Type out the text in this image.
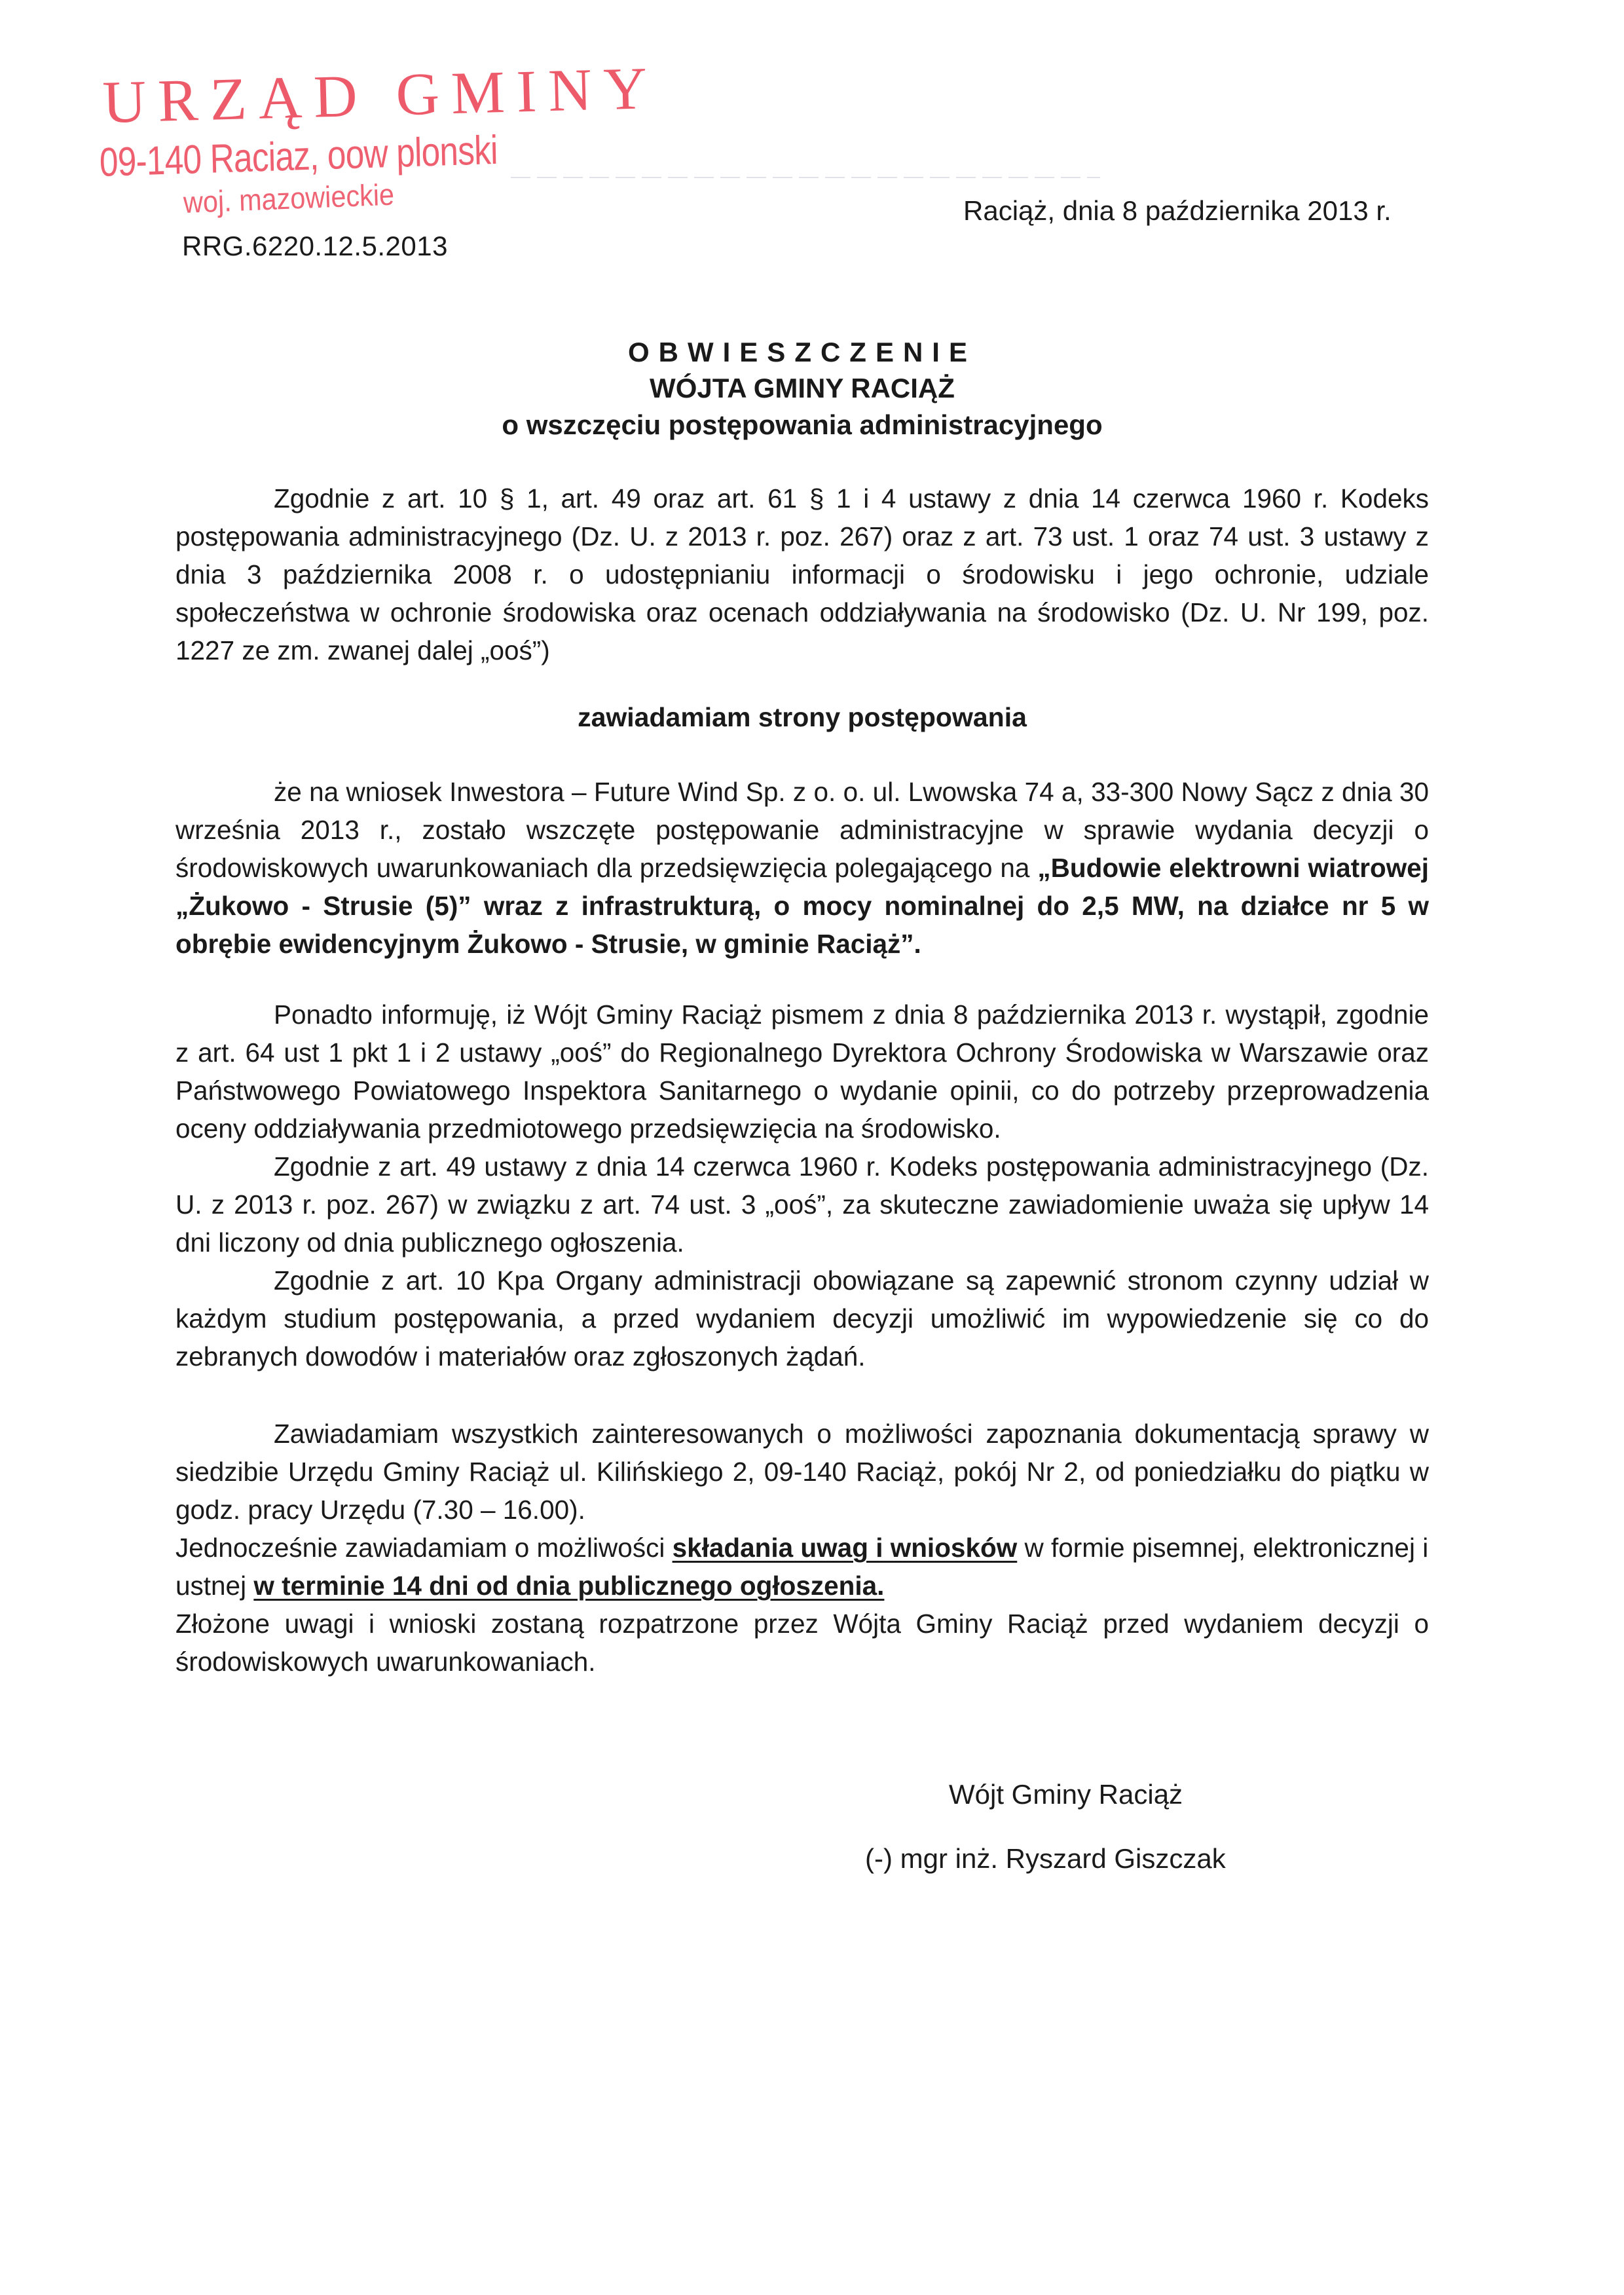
URZĄD GMINY
09-140 Raciaz, oow plonski
woj. mazowieckie
RRG.6220.12.5.2013
Raciąż, dnia 8 października 2013 r.
OBWIESZCZENIE
WÓJTA GMINY RACIĄŻ
o wszczęciu postępowania administracyjnego

Zgodnie z art. 10 § 1, art. 49 oraz art. 61 § 1 i 4 ustawy z dnia 14 czerwca 1960 r. Kodeks postępowania administracyjnego (Dz. U. z 2013 r. poz. 267) oraz z art. 73 ust. 1 oraz 74 ust. 3 ustawy z dnia 3 października 2008 r. o udostępnianiu informacji o środowisku i jego ochronie, udziale społeczeństwa w ochronie środowiska oraz ocenach oddziaływania na środowisko (Dz. U. Nr 199, poz. 1227 ze zm. zwanej dalej „ooś”)

zawiadamiam strony postępowania

że na wniosek Inwestora – Future Wind Sp. z o. o. ul. Lwowska 74 a, 33-300 Nowy Sącz z dnia 30 września 2013 r., zostało wszczęte postępowanie administracyjne w sprawie wydania decyzji o środowiskowych uwarunkowaniach dla przedsięwzięcia polegającego na „Budowie elektrowni wiatrowej „Żukowo - Strusie (5)” wraz z infrastrukturą, o mocy nominalnej do 2,5 MW, na działce nr 5 w obrębie ewidencyjnym Żukowo - Strusie, w gminie Raciąż”.

Ponadto informuję, iż Wójt Gminy Raciąż pismem z dnia 8 października 2013 r. wystąpił, zgodnie z art. 64 ust 1 pkt 1 i 2 ustawy „ooś” do Regionalnego Dyrektora Ochrony Środowiska w Warszawie oraz Państwowego Powiatowego Inspektora Sanitarnego o wydanie opinii, co do potrzeby przeprowadzenia oceny oddziaływania przedmiotowego przedsięwzięcia na środowisko.

Zgodnie z art. 49 ustawy z dnia 14 czerwca 1960 r. Kodeks postępowania administracyjnego (Dz. U. z 2013 r. poz. 267) w związku z art. 74 ust. 3 „ooś”, za skuteczne zawiadomienie uważa się upływ 14 dni liczony od dnia publicznego ogłoszenia.

Zgodnie z art. 10 Kpa Organy administracji obowiązane są zapewnić stronom czynny udział w każdym studium postępowania, a przed wydaniem decyzji umożliwić im wypowiedzenie się co do zebranych dowodów i materiałów oraz zgłoszonych żądań.

Zawiadamiam wszystkich zainteresowanych o możliwości zapoznania dokumentacją sprawy w siedzibie Urzędu Gminy Raciąż ul. Kilińskiego 2, 09-140 Raciąż, pokój Nr 2, od poniedziałku do piątku w godz. pracy Urzędu (7.30 – 16.00).

Jednocześnie zawiadamiam o możliwości składania uwag i wniosków w formie pisemnej, elektronicznej i ustnej w terminie 14 dni od dnia publicznego ogłoszenia.

Złożone uwagi i wnioski zostaną rozpatrzone przez Wójta Gminy Raciąż przed wydaniem decyzji o środowiskowych uwarunkowaniach.

Wójt Gminy Raciąż
(-) mgr inż. Ryszard Giszczak
